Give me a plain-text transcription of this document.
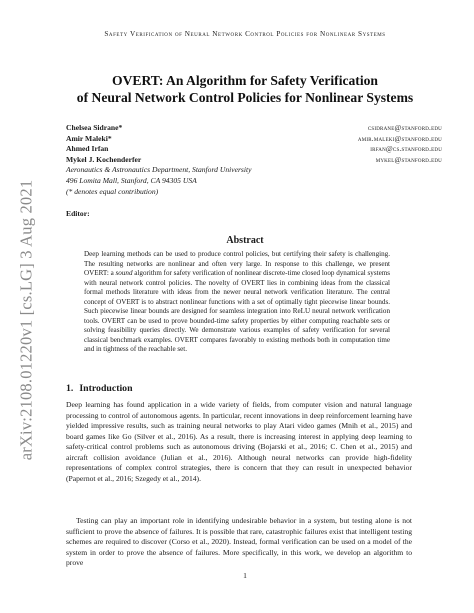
arXiv:2108.01220v1 [cs.LG] 3 Aug 2021
Safety Verification of Neural Network Control Policies for Nonlinear Systems
OVERT: An Algorithm for Safety Verification
of Neural Network Control Policies for Nonlinear Systems
Chelsea Sidrane*	csidrane@stanford.edu
Amir Maleki*	amir.maleki@stanford.edu
Ahmed Irfan	irfan@cs.stanford.edu
Mykel J. Kochenderfer	mykel@stanford.edu
Aeronautics & Astronautics Department, Stanford University
496 Lomita Mall, Stanford, CA 94305 USA
(* denotes equal contribution)
Editor:
Abstract
Deep learning methods can be used to produce control policies, but certifying their safety is challenging. The resulting networks are nonlinear and often very large. In response to this challenge, we present OVERT: a sound algorithm for safety verification of nonlinear discrete-time closed loop dynamical systems with neural network control policies. The novelty of OVERT lies in combining ideas from the classical formal methods literature with ideas from the newer neural network verification literature. The central concept of OVERT is to abstract nonlinear functions with a set of optimally tight piecewise linear bounds. Such piecewise linear bounds are designed for seamless integration into ReLU neural network verification tools. OVERT can be used to prove bounded-time safety properties by either computing reachable sets or solving feasibility queries directly. We demonstrate various examples of safety verification for several classical benchmark examples. OVERT compares favorably to existing methods both in computation time and in tightness of the reachable set.
1. Introduction
Deep learning has found application in a wide variety of fields, from computer vision and natural language processing to control of autonomous agents. In particular, recent innovations in deep reinforcement learning have yielded impressive results, such as training neural networks to play Atari video games (Mnih et al., 2015) and board games like Go (Silver et al., 2016). As a result, there is increasing interest in applying deep learning to safety-critical control problems such as autonomous driving (Bojarski et al., 2016; C. Chen et al., 2015) and aircraft collision avoidance (Julian et al., 2016). Although neural networks can provide high-fidelity representations of complex control strategies, there is concern that they can result in unexpected behavior (Papernot et al., 2016; Szegedy et al., 2014).
Testing can play an important role in identifying undesirable behavior in a system, but testing alone is not sufficient to prove the absence of failures. It is possible that rare, catastrophic failures exist that intelligent testing schemes are required to discover (Corso et al., 2020). Instead, formal verification can be used on a model of the system in order to prove the absence of failures. More specifically, in this work, we develop an algorithm to prove
1
